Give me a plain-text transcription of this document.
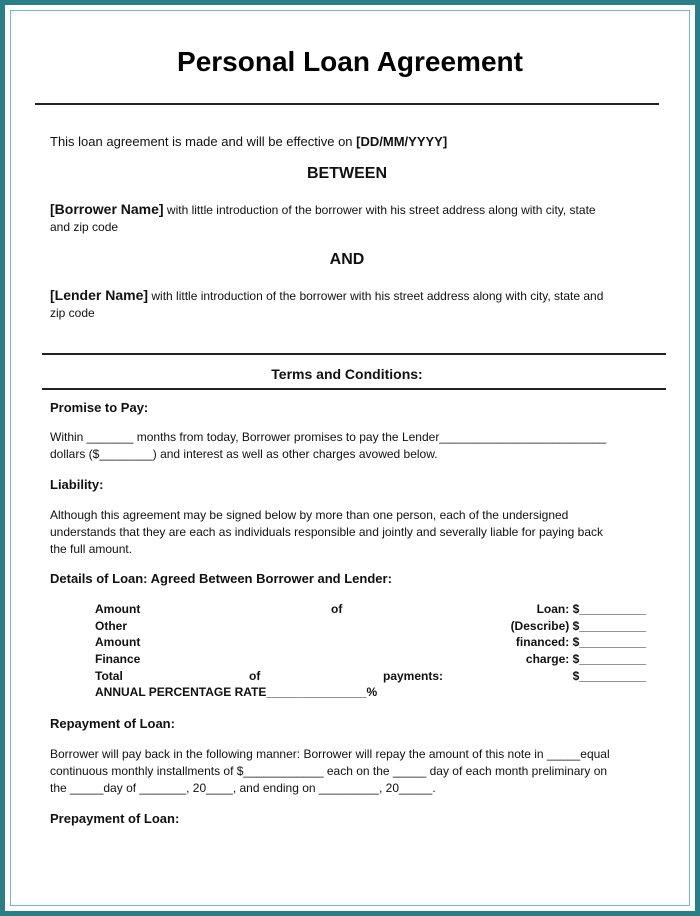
Personal Loan Agreement
This loan agreement is made and will be effective on [DD/MM/YYYY]
BETWEEN
[Borrower Name] with little introduction of the borrower with his street address along with city, state
and zip code
AND
[Lender Name] with little introduction of the borrower with his street address along with city, state and
zip code
Terms and Conditions:
Promise to Pay:
Within _______ months from today, Borrower promises to pay the Lender_________________________
dollars ($________) and interest as well as other charges avowed below.
Liability:
Although this agreement may be signed below by more than one person, each of the undersigned
understands that they are each as individuals responsible and jointly and severally liable for paying back
the full amount.
Details of Loan: Agreed Between Borrower and Lender:
Amount	of	Loan: $__________
Other	(Describe) $__________
Amount	financed: $__________
Finance	charge: $__________
Total	of	payments:	$__________
ANNUAL PERCENTAGE RATE_______________%
Repayment of Loan:
Borrower will pay back in the following manner: Borrower will repay the amount of this note in _____equal
continuous monthly installments of $____________ each on the _____ day of each month preliminary on
the _____day of _______, 20____, and ending on _________, 20_____.
Prepayment of Loan:
